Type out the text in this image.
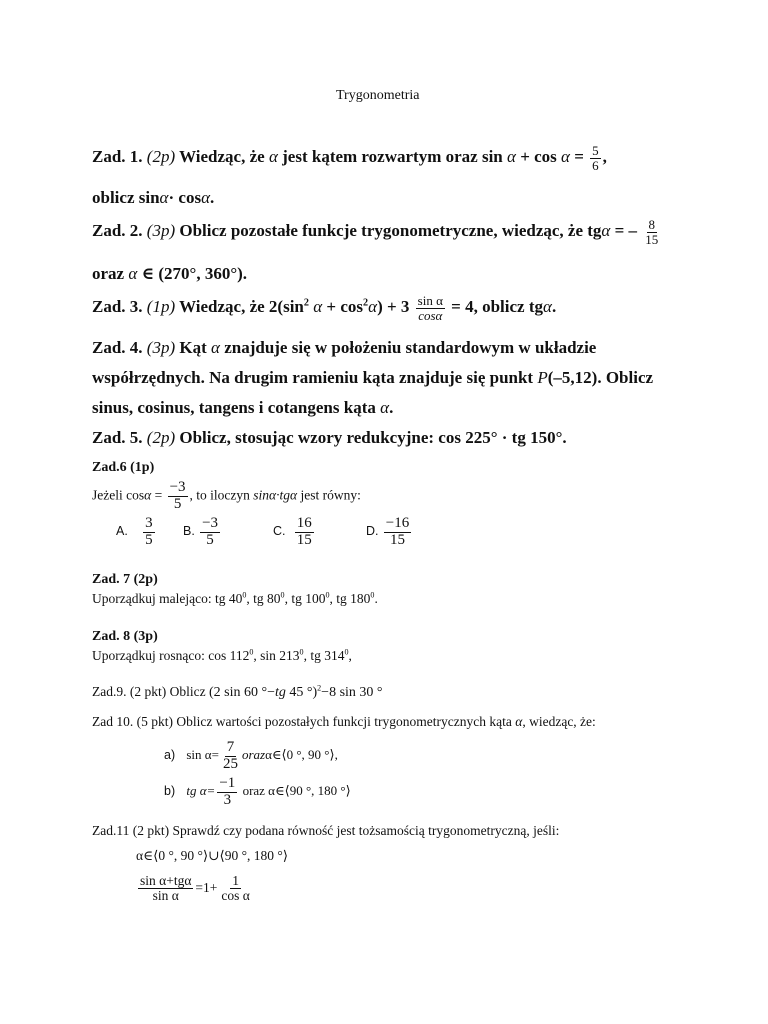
Trygonometria
Zad. 1. (2p) Wiedząc, że α jest kątem rozwartym oraz $\sin \alpha + \cos \alpha = \frac{5}{6}$ ,
oblicz sinα· cosα.
Zad. 2. (3p) Oblicz pozostałe funkcje trygonometryczne, wiedząc, że tgα = – $\frac{8}{15}$
oraz α ∈ (270°, 360°).
Zad. 3. (1p) Wiedząc, że $2(\sin^2$ $\alpha + \cos^2\alpha) + 3 \frac{\text{sin α}}{\cos\alpha} = 4$, oblicz tgα.
Zad. 4. (3p) Kąt α znajduje się w położeniu standardowym w układzie
współrzędnych. Na drugim ramieniu kąta znajduje się punkt P(–5,12). Oblicz
sinus, cosinus, tangens i cotangens kąta α.
Zad. 5. (2p) Oblicz, stosując wzory redukcyjne: cos 225° · tg 150°.
Zad.6 (1p)
Jeżeli $\cos\alpha = \frac{-3}{5}$ , to iloczyn sinα·tgα jest równy:
A. $\frac{3}{5} B$. $\frac{-3}{5}$	C. $\frac{16}{15}$	D. $\frac{-16}{15}$
Zad. 7 (2p)
Uporządkuj malejąco: tg $40^0$, tg $80^0$, tg $100^0$, tg $180^0$.
Zad. 8 (3p)
Uporządkuj rosnąco: $\cos 112^0$, $\sin 213^0$, tg $314^0$,
Zad.9. (2 pkt) Oblicz (2 sin 60 °−tg 45 °)$^2$−8 sin 30 °
Zad 10. (5 pkt) Oblicz wartości pozostałych funkcji trygonometrycznych kąta α, wiedząc, że:
a) $\sin \alpha= \frac{7}{25}$ orazα∈⟨0 °, 90 °⟩,
b) tg $\alpha= \frac{-1}{3}$ oraz α∈⟨90 °, 180 °⟩
Zad.11 (2 pkt) Sprawdź czy podana równość jest tożsamością trygonometryczną, jeśli:
α∈⟨0 °, 90 °⟩∪⟨90 °, 180 °⟩
$\frac{\text{sin α+tgα}}{\text{sin α}} =1+ \frac{1}{\text{cos α}}$
